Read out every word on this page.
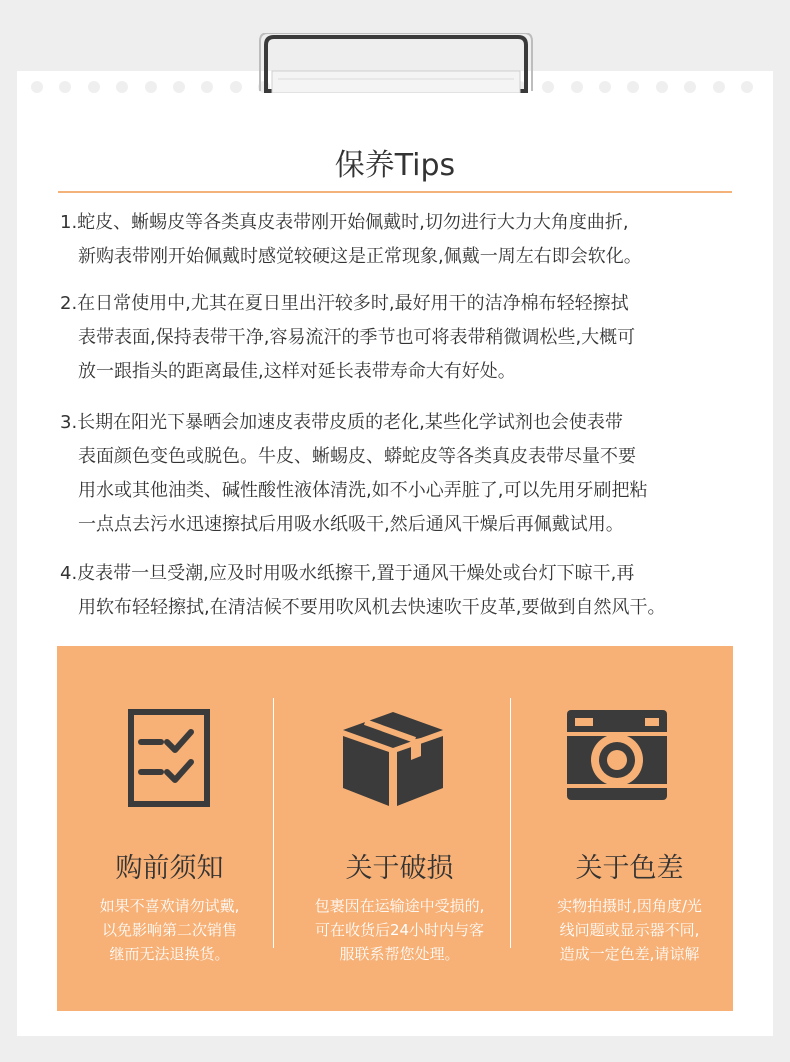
保养Tips
1.蛇皮、蜥蜴皮等各类真皮表带刚开始佩戴时,切勿进行大力大角度曲折,
新购表带刚开始佩戴时感觉较硬这是正常现象,佩戴一周左右即会软化。
2.在日常使用中,尤其在夏日里出汗较多时,最好用干的洁净棉布轻轻擦拭
表带表面,保持表带干净,容易流汗的季节也可将表带稍微调松些,大概可
放一跟指头的距离最佳,这样对延长表带寿命大有好处。
3.长期在阳光下暴晒会加速皮表带皮质的老化,某些化学试剂也会使表带
表面颜色变色或脱色。牛皮、蜥蜴皮、蟒蛇皮等各类真皮表带尽量不要
用水或其他油类、碱性酸性液体清洗,如不小心弄脏了,可以先用牙刷把粘
一点点去污水迅速擦拭后用吸水纸吸干,然后通风干燥后再佩戴试用。
4.皮表带一旦受潮,应及时用吸水纸擦干,置于通风干燥处或台灯下晾干,再
用软布轻轻擦拭,在清洁候不要用吹风机去快速吹干皮革,要做到自然风干。
购前须知
如果不喜欢请勿试戴,
以免影响第二次销售
继而无法退换货。
关于破损
包裹因在运输途中受损的,
可在收货后24小时内与客
服联系帮您处理。
关于色差
实物拍摄时,因角度/光
线问题或显示器不同,
造成一定色差,请谅解
